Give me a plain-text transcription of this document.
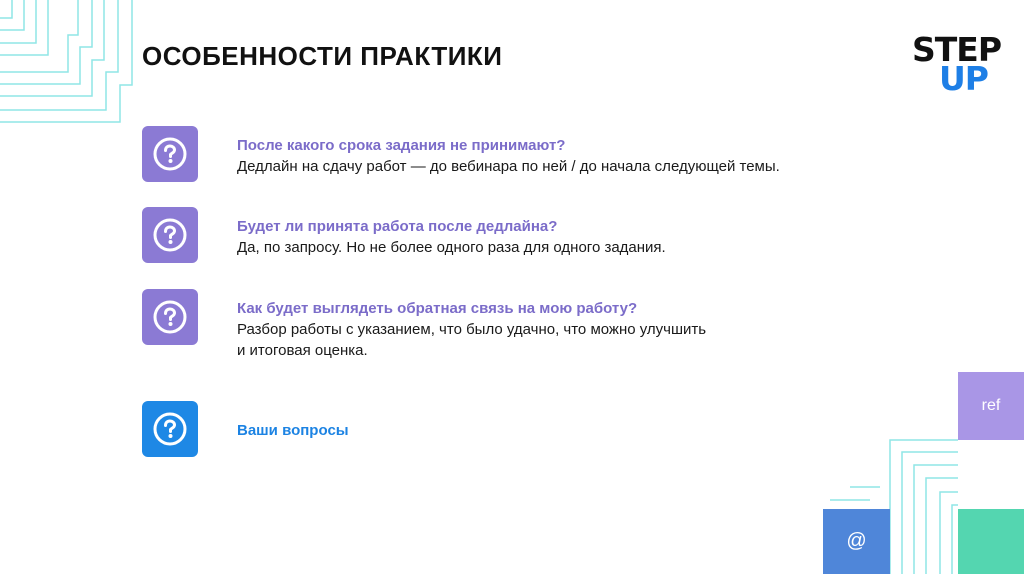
ОСОБЕННОСТИ ПРАКТИКИ	STEP
UP
После какого срока задания не принимают?
Дедлайн на сдачу работ — до вебинара по ней / до начала следующей темы.
Будет ли принята работа после дедлайна?
Да, по запросу. Но не более одного раза для одного задания.
Как будет выглядеть обратная связь на мою работу?
Разбор работы с указанием, что было удачно, что можно улучшить
и итоговая оценка.
Ваши вопросы
ref
@
